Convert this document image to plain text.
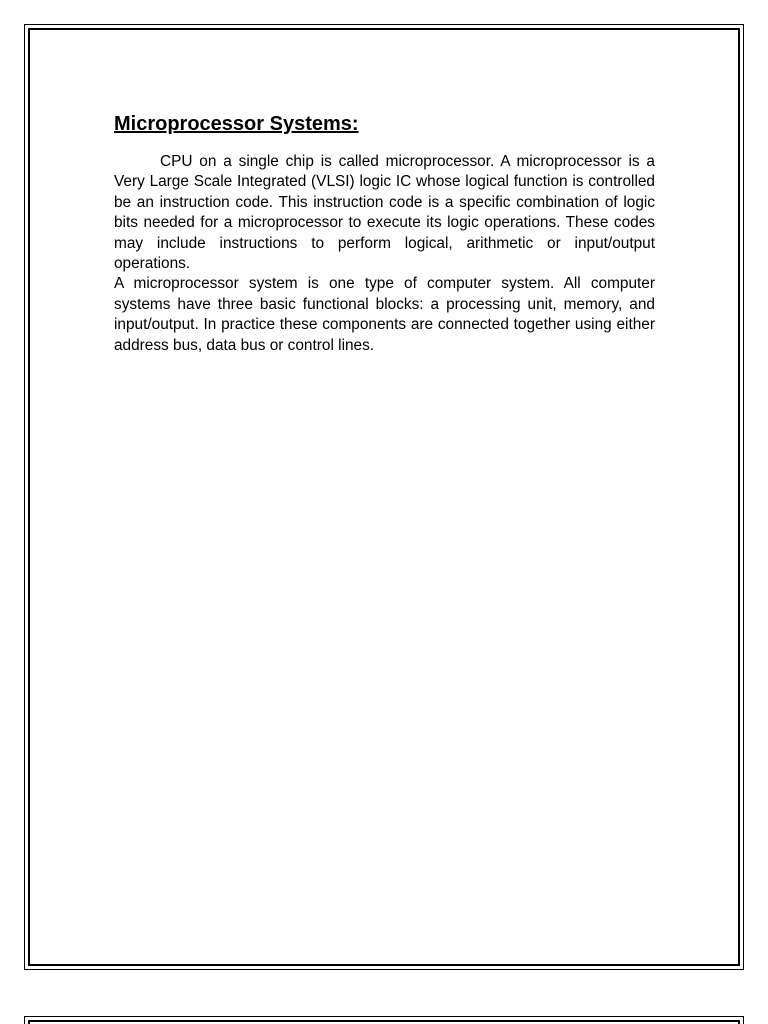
Microprocessor Systems:

CPU on a single chip is called microprocessor. A microprocessor is a Very Large Scale Integrated (VLSI) logic IC whose logical function is controlled be an instruction code. This instruction code is a specific combination of logic bits needed for a microprocessor to execute its logic operations. These codes may include instructions to perform logical, arithmetic or input/output operations.

A microprocessor system is one type of computer system. All computer systems have three basic functional blocks: a processing unit, memory, and input/output. In practice these components are connected together using either address bus, data bus or control lines.
